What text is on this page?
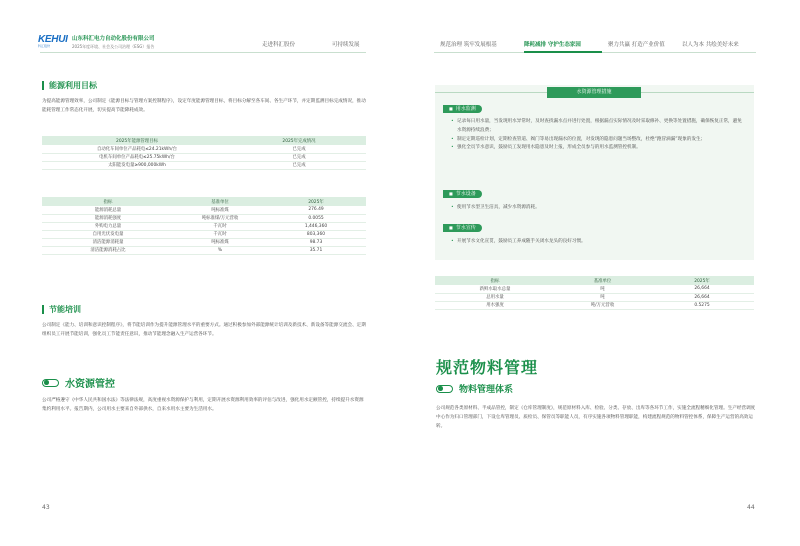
KEHUI
科汇股份
山东科汇电力自动化股份有限公司
2025年度环境、社会及公司治理（ESG）报告	走进科汇股份	可持续发展	规范治理 筑牢发展根基	降耗减排 守护生态家园	聚力共赢 打造产业价值	以人为本 共绘美好未来
能源利用目标
为提高能源管理效率，公司制定《能源目标与管理方案控制程序》，设定年度能源管理目标，将目标分解至各车间、各生产环节，并定期监测目标完成情况，推动能耗管理工作常态化开展，切实提高节能降耗成效。
2025年能源管理目标	2025年完成情况
自动化车间单位产品耗电≤24.21kWh/台	已完成
电机车间单位产品耗电≤25.75kWh/台	已完成
太阳能发电量≥900,000kWh	已完成
指标	基准单位	2025年
能源消耗总量	吨标准煤	276.49
能源消耗强度	吨标准煤/万元营收	0.0055
外购电力总量	千瓦时	1,446,360
自用光伏发电量	千瓦时	803,360
清洁能源消耗量	吨标准煤	98.73
清洁能源消耗占比	%	35.71
节能培训
公司制定《能力、培训和意识控制程序》，将节能培训作为提升能源管理水平的重要方式。通过积极参加外部能源统计培训及新技术、新设备等能源交流会、定期组织员工开展节能培训，强化员工节能责任意识，推动节能理念融入生产运营各环节。
水资源管控
公司严格遵守《中华人民共和国水法》等法律法规，高度重视水资源保护与利用，定期开展水资源利用效率的评估与改进，强化用水定额管控，持续提升水资源集约利用水平。报告期内，公司用水主要来自外部供水，自来水用水主要为生活用水。
43
水资源管理措施
■ 用水监测
• 记录每日用水量，当发现用水异常时，及时查找漏水点并进行处置，根据漏点实际情况及时采取修补、更换等处置措施，确保恢复正常，避免水资源持续浪费；
• 制定定期巡检计划，定期检查管道、阀门等易出现漏水的位置，对发现的隐患问题当场整改，杜绝“跑冒滴漏”现象的发生；
• 强化全员节水意识，鼓励员工发现用水隐患及时上报，形成全员参与的用水监测管控机制。
■ 节水设备
• 使用节水型卫生洁具，减少水资源消耗。
■ 节水宣传
• 开展节水文化宣贯，鼓励员工养成随手关闭水龙头的良好习惯。
指标	基准单位	2025年
新鲜水取水总量	吨	26,664
总用水量	吨	26,664
用水强度	吨/万元营收	0.5275
规范物料管理
物料管理体系
公司规范各类原材料、半成品管控，制定《仓库管理制度》，规范原材料入库、检验、分类、存放、出库等各环节工作，实施全流程精细化管理。生产经营调度中心作为归口管理部门，下设仓库管理员、质检员、保管员等职能人员，有序实施各项物料管理职能，构建流程规范的物料管控体系，保障生产运营的高效运转。
44
